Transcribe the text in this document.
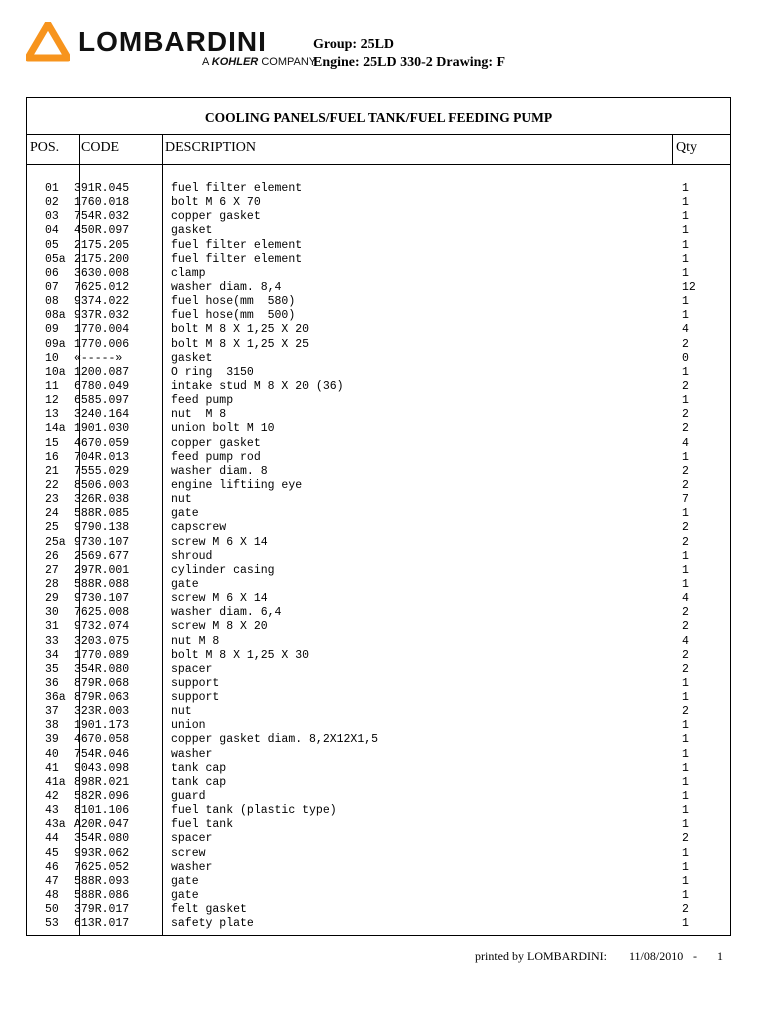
LOMBARDINI
A KOHLER COMPANY
Group: 25LD
Engine: 25LD 330-2 Drawing: F
COOLING PANELS/FUEL TANK/FUEL FEEDING PUMP
POS. CODE	DESCRIPTION	Qty
01 391R.045	fuel filter element	1
02 1760.018	bolt M 6 X 70	1
03 754R.032	copper gasket	1
04 450R.097	gasket	1
05 2175.205	fuel filter element	1
05a 2175.200	fuel filter element	1
06 3630.008	clamp	1
07 7625.012	washer diam. 8,4	12
08 9374.022	fuel hose(mm  580)	1
08a 937R.032	fuel hose(mm  500)	1
09 1770.004	bolt M 8 X 1,25 X 20	4
09a 1770.006	bolt M 8 X 1,25 X 25	2
10 «-----»	gasket	0
10a 1200.087	O ring  3150	1
11 6780.049	intake stud M 8 X 20 (36)	2
12 6585.097	feed pump	1
13 3240.164	nut  M 8	2
14a 1901.030	union bolt M 10	2
15 4670.059	copper gasket	4
16 704R.013	feed pump rod	1
21 7555.029	washer diam. 8	2
22 8506.003	engine liftiing eye	2
23 326R.038	nut	7
24 588R.085	gate	1
25 9790.138	capscrew	2
25a 9730.107	screw M 6 X 14	2
26 2569.677	shroud	1
27 297R.001	cylinder casing	1
28 588R.088	gate	1
29 9730.107	screw M 6 X 14	4
30 7625.008	washer diam. 6,4	2
31 9732.074	screw M 8 X 20	2
33 3203.075	nut M 8	4
34 1770.089	bolt M 8 X 1,25 X 30	2
35 354R.080	spacer	2
36 879R.068	support	1
36a 879R.063	support	1
37 323R.003	nut	2
38 1901.173	union	1
39 4670.058	copper gasket diam. 8,2X12X1,5	1
40 754R.046	washer	1
41 9043.098	tank cap	1
41a 898R.021	tank cap	1
42 582R.096	guard	1
43 8101.106	fuel tank (plastic type)	1
43a A20R.047	fuel tank	1
44 354R.080	spacer	2
45 993R.062	screw	1
46 7625.052	washer	1
47 588R.093	gate	1
48 588R.086	gate	1
50 379R.017	felt gasket	2
53 613R.017	safety plate	1
printed by LOMBARDINI: 11/08/2010 - 1
